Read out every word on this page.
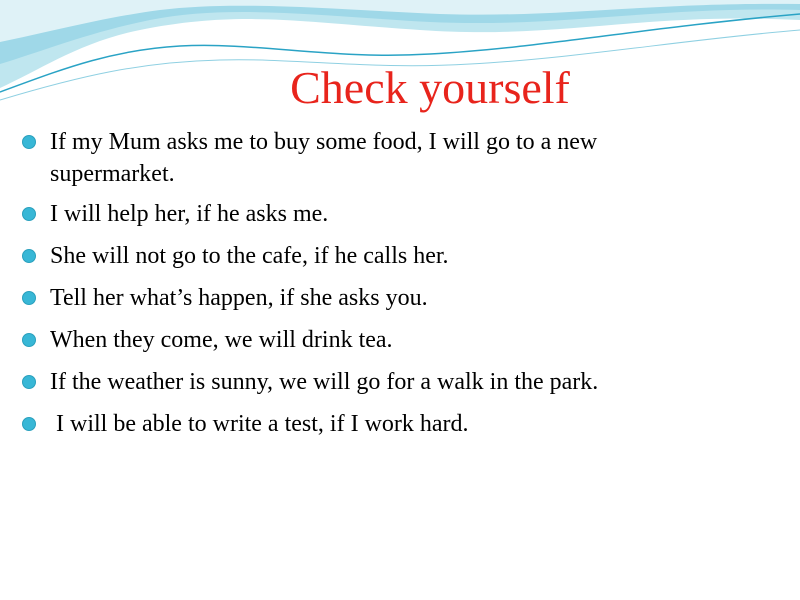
Check yourself
If my Mum asks me to buy some food, I will go to a new
supermarket.
I will help her, if he asks me.
She will not go to the cafe, if he calls her.
Tell her what’s happen, if she asks you.
When they come, we will drink tea.
If the weather is sunny, we will go for a walk in the park.
I will be able to write a test, if I work hard.
